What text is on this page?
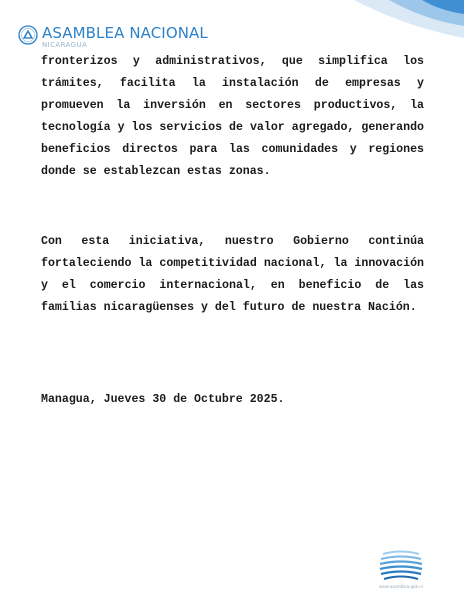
ASAMBLEA NACIONAL
NICARAGUA

fronterizos y administrativos, que simplifica los trámites, facilita la instalación de empresas y promueven la inversión en sectores productivos, la tecnología y los servicios de valor agregado, generando beneficios directos para las comunidades y regiones donde se establezcan estas zonas.

Con esta iniciativa, nuestro Gobierno continúa fortaleciendo la competitividad nacional, la innovación y el comercio internacional, en beneficio de las familias nicaragüenses y del futuro de nuestra Nación.

Managua, Jueves 30 de Octubre 2025.
www.asamblea.gob.ni
